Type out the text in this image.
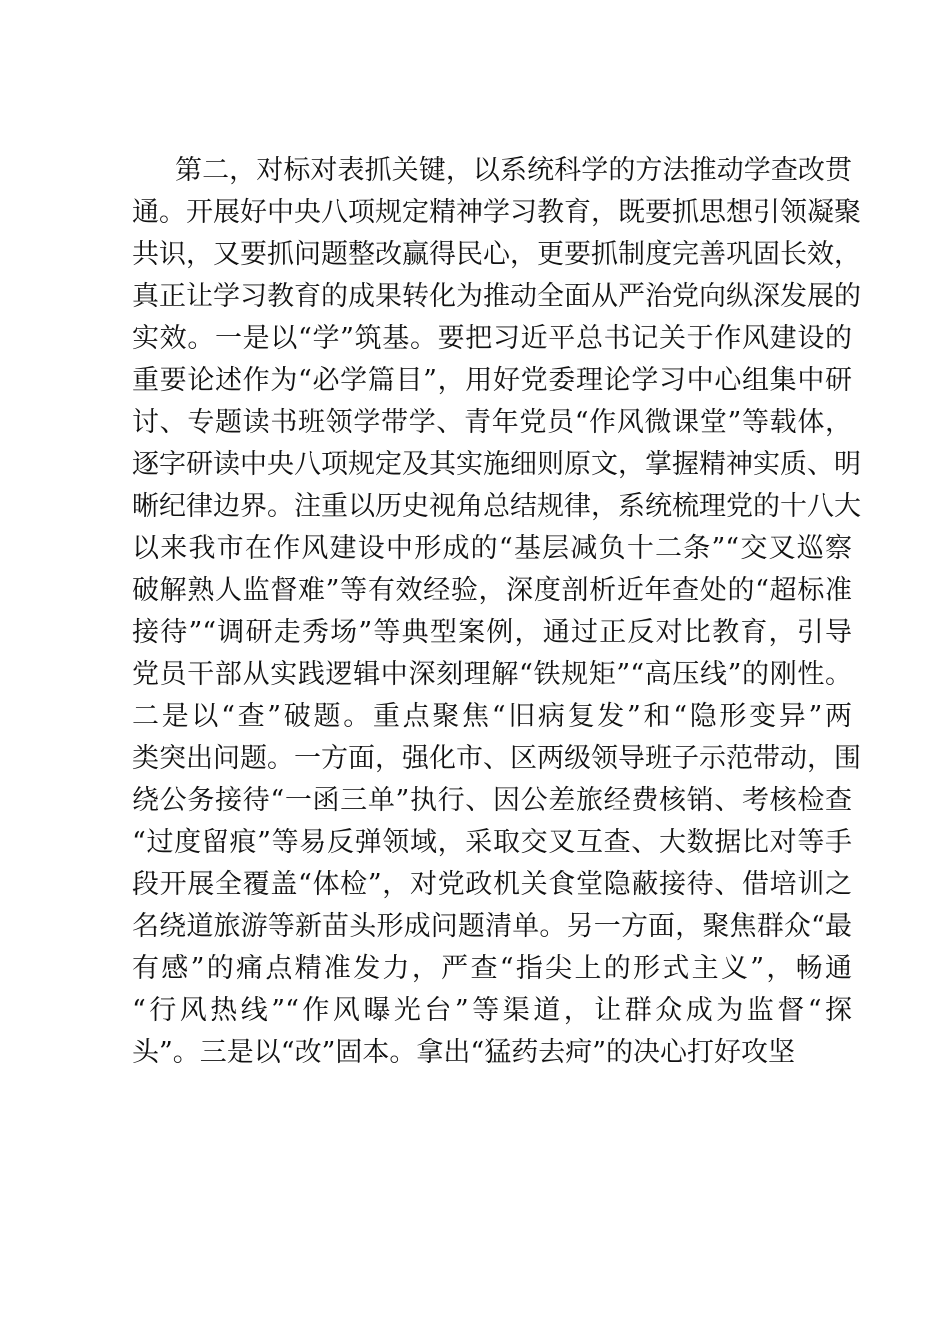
第二，对标对表抓关键，以系统科学的方法推动学查改贯
通。开展好中央八项规定精神学习教育，既要抓思想引领凝聚
共识，又要抓问题整改赢得民心，更要抓制度完善巩固长效，
真正让学习教育的成果转化为推动全面从严治党向纵深发展的
实效。一是以“学”筑基。要把习近平总书记关于作风建设的
重要论述作为“必学篇目”，用好党委理论学习中心组集中研
讨、专题读书班领学带学、青年党员“作风微课堂”等载体，
逐字研读中央八项规定及其实施细则原文，掌握精神实质、明
晰纪律边界。注重以历史视角总结规律，系统梳理党的十八大
以来我市在作风建设中形成的“基层减负十二条”“交叉巡察
破解熟人监督难”等有效经验，深度剖析近年查处的“超标准
接待”“调研走秀场”等典型案例，通过正反对比教育，引导
党员干部从实践逻辑中深刻理解“铁规矩”“高压线”的刚性。
二是以“查”破题。重点聚焦“旧病复发”和“隐形变异”两
类突出问题。一方面，强化市、区两级领导班子示范带动，围
绕公务接待“一函三单”执行、因公差旅经费核销、考核检查
“过度留痕”等易反弹领域，采取交叉互查、大数据比对等手
段开展全覆盖“体检”，对党政机关食堂隐蔽接待、借培训之
名绕道旅游等新苗头形成问题清单。另一方面，聚焦群众“最
有感”的痛点精准发力，严查“指尖上的形式主义”，畅通
“行风热线”“作风曝光台”等渠道，让群众成为监督“探
头”。三是以“改”固本。拿出“猛药去疴”的决心打好攻坚
